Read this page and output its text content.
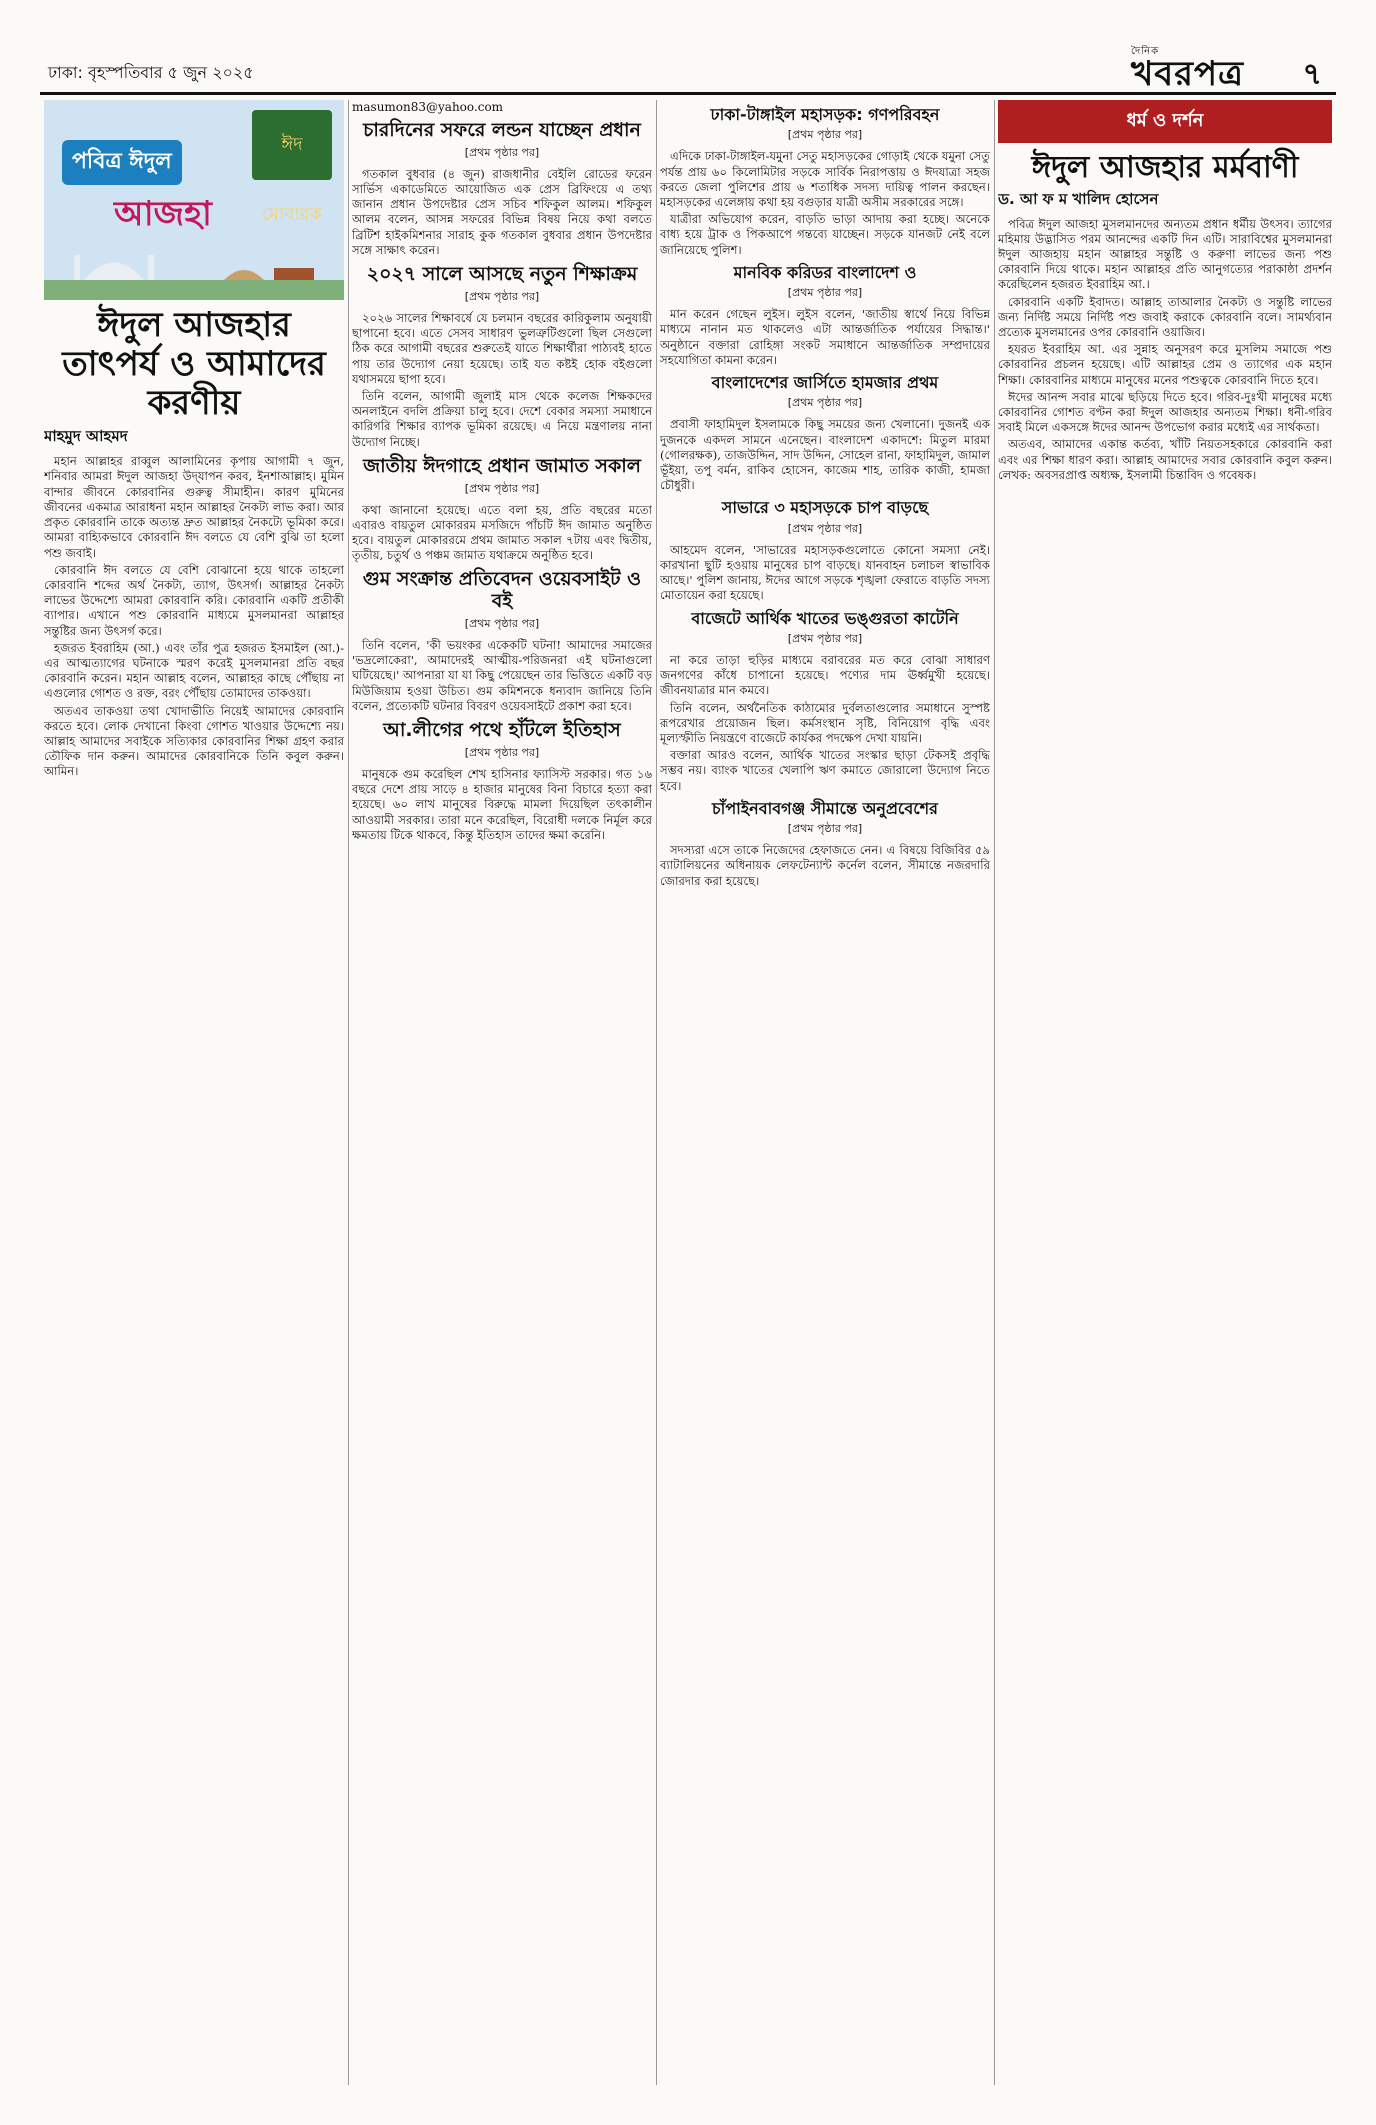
ঢাকা: বৃহস্পতিবার ৫ জুন ২০২৫
দৈনিক
খবরপত্র ৭
পবিত্র ঈদুল
আজহা
ঈদ মোবারক
ঈদুল আজহার তাৎপর্য ও আমাদের করণীয়
মাহমুদ আহমদ

মহান আল্লাহর রাব্বুল আলামিনের কৃপায় আগামী ৭ জুন, শনিবার আমরা ঈদুল আজহা উদ্‌যাপন করব, ইনশাআল্লাহ। মুমিন বান্দার জীবনে কোরবানির গুরুত্ব সীমাহীন। কারণ মুমিনের জীবনের একমাত্র আরাধনা মহান আল্লাহর নৈকট্য লাভ করা। আর প্রকৃত কোরবানি তাকে অত্যন্ত দ্রুত আল্লাহর নৈকট্যে ভূমিকা করে। আমরা বাহ্যিকভাবে কোরবানি ঈদ বলতে যে বেশি বুঝি তা হলো পশু জবাই।

কোরবানি ঈদ বলতে যে বেশি বোঝানো হয়ে থাকে তাহলো কোরবানি শব্দের অর্থ নৈকট্য, ত্যাগ, উৎসর্গ। আল্লাহর নৈকট্য লাভের উদ্দেশ্যে আমরা কোরবানি করি। কোরবানি একটি প্রতীকী ব্যাপার। এখানে পশু কোরবানি মাধ্যমে মুসলমানরা আল্লাহর সন্তুষ্টির জন্য উৎসর্গ করে।

হজরত ইবরাহিম (আ.) এবং তাঁর পুত্র হজরত ইসমাইল (আ.)-এর আত্মত্যাগের ঘটনাকে স্মরণ করেই মুসলমানরা প্রতি বছর কোরবানি করেন। মহান আল্লাহ বলেন, আল্লাহর কাছে পৌঁছায় না এগুলোর গোশত ও রক্ত, বরং পৌঁছায় তোমাদের তাকওয়া।

অতএব তাকওয়া তথা খোদাভীতি নিয়েই আমাদের কোরবানি করতে হবে। লোক দেখানো কিংবা গোশত খাওয়ার উদ্দেশ্যে নয়। আল্লাহ আমাদের সবাইকে সত্যিকার কোরবানির শিক্ষা গ্রহণ করার তৌফিক দান করুন। আমাদের কোরবানিকে তিনি কবুল করুন। আমিন।

masumon83@yahoo.com
চারদিনের সফরে লন্ডন যাচ্ছেন প্রধান
[প্রথম পৃষ্ঠার পর]

গতকাল বুধবার (৪ জুন) রাজধানীর বেইলি রোডের ফরেন সার্ভিস একাডেমিতে আয়োজিত এক প্রেস ব্রিফিংয়ে এ তথ্য জানান প্রধান উপদেষ্টার প্রেস সচিব শফিকুল আলম। শফিকুল আলম বলেন, আসন্ন সফরের বিভিন্ন বিষয় নিয়ে কথা বলতে ব্রিটিশ হাইকমিশনার সারাহ কুক গতকাল বুধবার প্রধান উপদেষ্টার সঙ্গে সাক্ষাৎ করেন।

২০২৭ সালে আসছে নতুন শিক্ষাক্রম
[প্রথম পৃষ্ঠার পর]

২০২৬ সালের শিক্ষাবর্ষে যে চলমান বছরের কারিকুলাম অনুযায়ী ছাপানো হবে। এতে সেসব সাধারণ ভুলত্রুটিগুলো ছিল সেগুলো ঠিক করে আগামী বছরের শুরুতেই যাতে শিক্ষার্থীরা পাঠ্যবই হাতে পায় তার উদ্যোগ নেয়া হয়েছে। তাই যত কষ্টই হোক বইগুলো যথাসময়ে ছাপা হবে।

তিনি বলেন, আগামী জুলাই মাস থেকে কলেজ শিক্ষকদের অনলাইনে বদলি প্রক্রিয়া চালু হবে। দেশে বেকার সমস্যা সমাধানে কারিগরি শিক্ষার ব্যাপক ভূমিকা রয়েছে। এ নিয়ে মন্ত্রণালয় নানা উদ্যোগ নিচ্ছে।

জাতীয় ঈদগাহে প্রধান জামাত সকাল
[প্রথম পৃষ্ঠার পর]

কথা জানানো হয়েছে। এতে বলা হয়, প্রতি বছরের মতো এবারও বায়তুল মোকাররম মসজিদে পাঁচটি ঈদ জামাত অনুষ্ঠিত হবে। বায়তুল মোকাররমে প্রথম জামাত সকাল ৭টায় এবং দ্বিতীয়, তৃতীয়, চতুর্থ ও পঞ্চম জামাত যথাক্রমে অনুষ্ঠিত হবে।

গুম সংক্রান্ত প্রতিবেদন ওয়েবসাইট ও বই
[প্রথম পৃষ্ঠার পর]

তিনি বলেন, 'কী ভয়ংকর একেকটি ঘটনা! আমাদের সমাজের 'ভদ্রলোকেরা', আমাদেরই আত্মীয়-পরিজনরা এই ঘটনাগুলো ঘটিয়েছে।' আপনারা যা যা কিছু পেয়েছেন তার ভিত্তিতে একটি বড় মিউজিয়াম হওয়া উচিত। গুম কমিশনকে ধন্যবাদ জানিয়ে তিনি বলেন, প্রত্যেকটি ঘটনার বিবরণ ওয়েবসাইটে প্রকাশ করা হবে।

আ.লীগের পথে হাঁটলে ইতিহাস
[প্রথম পৃষ্ঠার পর]

মানুষকে গুম করেছিল শেখ হাসিনার ফ্যাসিস্ট সরকার। গত ১৬ বছরে দেশে প্রায় সাড়ে ৪ হাজার মানুষের বিনা বিচারে হত্যা করা হয়েছে। ৬০ লাখ মানুষের বিরুদ্ধে মামলা দিয়েছিল তৎকালীন আওয়ামী সরকার। তারা মনে করেছিল, বিরোধী দলকে নির্মূল করে ক্ষমতায় টিকে থাকবে, কিন্তু ইতিহাস তাদের ক্ষমা করেনি।

ঢাকা-টাঙ্গাইল মহাসড়ক: গণপরিবহন
[প্রথম পৃষ্ঠার পর]

এদিকে ঢাকা-টাঙ্গাইল-যমুনা সেতু মহাসড়কের গোড়াই থেকে যমুনা সেতু পর্যন্ত প্রায় ৬০ কিলোমিটার সড়কে সার্বিক নিরাপত্তায় ও ঈদযাত্রা সহজ করতে জেলা পুলিশের প্রায় ৬ শতাধিক সদস্য দায়িত্ব পালন করছেন। মহাসড়কের এলেঙ্গায় কথা হয় বগুড়ার যাত্রী অসীম সরকারের সঙ্গে।

যাত্রীরা অভিযোগ করেন, বাড়তি ভাড়া আদায় করা হচ্ছে। অনেকে বাধ্য হয়ে ট্রাক ও পিকআপে গন্তব্যে যাচ্ছেন। সড়কে যানজট নেই বলে জানিয়েছে পুলিশ।

মানবিক করিডর বাংলাদেশ ও
[প্রথম পৃষ্ঠার পর]

মান করেন গেছেন লুইস। লুইস বলেন, 'জাতীয় স্বার্থে নিয়ে বিভিন্ন মাধ্যমে নানান মত থাকলেও এটা আন্তর্জাতিক পর্যায়ের সিদ্ধান্ত।' অনুষ্ঠানে বক্তারা রোহিঙ্গা সংকট সমাধানে আন্তর্জাতিক সম্প্রদায়ের সহযোগিতা কামনা করেন।

বাংলাদেশের জার্সিতে হামজার প্রথম
[প্রথম পৃষ্ঠার পর]

প্রবাসী ফাহামিদুল ইসলামকে কিছু সময়ের জন্য খেলানো। দুজনই এক দুজনকে একদল সামনে এনেছেন। বাংলাদেশ একাদশে: মিতুল মারমা (গোলরক্ষক), তাজউদ্দিন, সাদ উদ্দিন, সোহেল রানা, ফাহামিদুল, জামাল ভূঁইয়া, তপু বর্মন, রাকিব হোসেন, কাজেম শাহ, তারিক কাজী, হামজা চৌধুরী।

সাভারে ৩ মহাসড়কে চাপ বাড়ছে
[প্রথম পৃষ্ঠার পর]

আহমেদ বলেন, 'সাভারের মহাসড়কগুলোতে কোনো সমস্যা নেই। কারখানা ছুটি হওয়ায় মানুষের চাপ বাড়ছে। যানবাহন চলাচল স্বাভাবিক আছে।' পুলিশ জানায়, ঈদের আগে সড়কে শৃঙ্খলা ফেরাতে বাড়তি সদস্য মোতায়েন করা হয়েছে।

বাজেটে আর্থিক খাতের ভঙ্গুরতা কাটেনি
[প্রথম পৃষ্ঠার পর]

না করে তাড়া হুড়ির মাধ্যমে বরাবরের মত করে বোঝা সাধারণ জনগণের কাঁধে চাপানো হয়েছে। পণ্যের দাম ঊর্ধ্বমুখী হয়েছে। জীবনযাত্রার মান কমবে।

তিনি বলেন, অর্থনৈতিক কাঠামোর দুর্বলতাগুলোর সমাধানে সুস্পষ্ট রূপরেখার প্রয়োজন ছিল। কর্মসংস্থান সৃষ্টি, বিনিয়োগ বৃদ্ধি এবং মূল্যস্ফীতি নিয়ন্ত্রণে বাজেটে কার্যকর পদক্ষেপ দেখা যায়নি।

বক্তারা আরও বলেন, আর্থিক খাতের সংস্কার ছাড়া টেকসই প্রবৃদ্ধি সম্ভব নয়। ব্যাংক খাতের খেলাপি ঋণ কমাতে জোরালো উদ্যোগ নিতে হবে।

চাঁপাইনবাবগঞ্জ সীমান্তে অনুপ্রবেশের
[প্রথম পৃষ্ঠার পর]

সদস্যরা এসে তাকে নিজেদের হেফাজতে নেন। এ বিষয়ে বিজিবির ৫৯ ব্যাটালিয়নের অধিনায়ক লেফটেন্যান্ট কর্নেল বলেন, সীমান্তে নজরদারি জোরদার করা হয়েছে।

ধর্ম ও দর্শন
ঈদুল আজহার মর্মবাণী
ড. আ ফ ম খালিদ হোসেন

পবিত্র ঈদুল আজহা মুসলমানদের অন্যতম প্রধান ধর্মীয় উৎসব। ত্যাগের মহিমায় উদ্ভাসিত পরম আনন্দের একটি দিন এটি। সারাবিশ্বের মুসলমানরা ঈদুল আজহায় মহান আল্লাহর সন্তুষ্টি ও করুণা লাভের জন্য পশু কোরবানি দিয়ে থাকে। মহান আল্লাহর প্রতি আনুগত্যের পরাকাষ্ঠা প্রদর্শন করেছিলেন হজরত ইবরাহিম আ.।

কোরবানি একটি ইবাদত। আল্লাহ তাআলার নৈকট্য ও সন্তুষ্টি লাভের জন্য নির্দিষ্ট সময়ে নির্দিষ্ট পশু জবাই করাকে কোরবানি বলে। সামর্থ্যবান প্রত্যেক মুসলমানের ওপর কোরবানি ওয়াজিব।

হযরত ইবরাহিম আ. এর সুন্নাহ অনুসরণ করে মুসলিম সমাজে পশু কোরবানির প্রচলন হয়েছে। এটি আল্লাহর প্রেম ও ত্যাগের এক মহান শিক্ষা। কোরবানির মাধ্যমে মানুষের মনের পশুত্বকে কোরবানি দিতে হবে।

ঈদের আনন্দ সবার মাঝে ছড়িয়ে দিতে হবে। গরিব-দুঃখী মানুষের মধ্যে কোরবানির গোশত বণ্টন করা ঈদুল আজহার অন্যতম শিক্ষা। ধনী-গরিব সবাই মিলে একসঙ্গে ঈদের আনন্দ উপভোগ করার মধ্যেই এর সার্থকতা।

অতএব, আমাদের একান্ত কর্তব্য, খাঁটি নিয়তসহকারে কোরবানি করা এবং এর শিক্ষা ধারণ করা। আল্লাহ আমাদের সবার কোরবানি কবুল করুন। লেখক: অবসরপ্রাপ্ত অধ্যক্ষ, ইসলামী চিন্তাবিদ ও গবেষক।
